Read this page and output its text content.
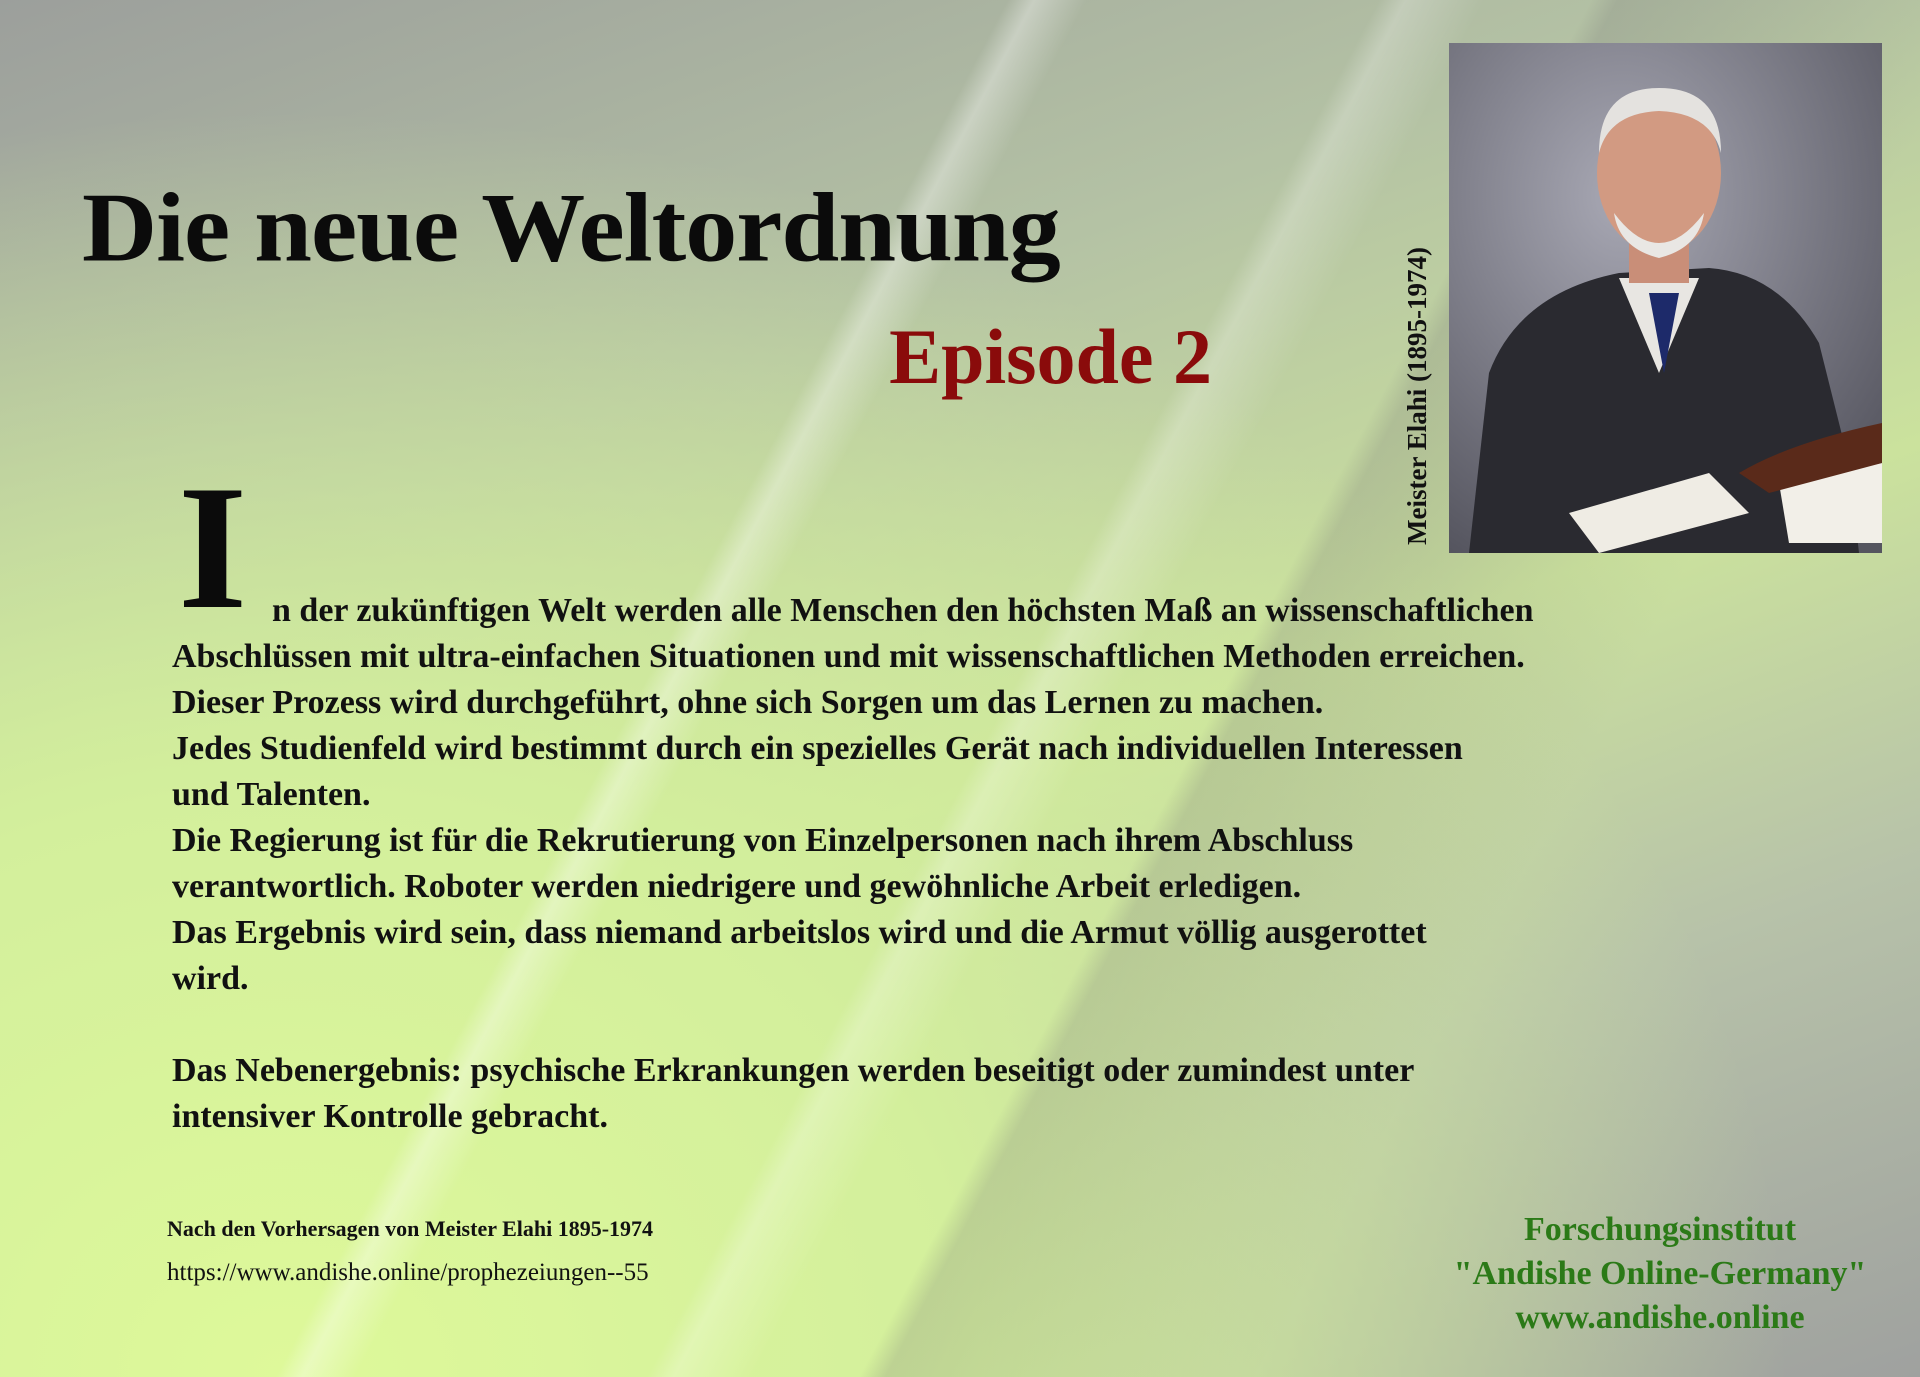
Die neue Weltordnung
Episode 2	Meister Elahi (1895-1974)
I n der zukünftigen Welt werden alle Menschen den höchsten Maß an wissenschaftlichen

Abschlüssen mit ultra-einfachen Situationen und mit wissenschaftlichen Methoden erreichen.

Dieser Prozess wird durchgeführt, ohne sich Sorgen um das Lernen zu machen.

Jedes Studienfeld wird bestimmt durch ein spezielles Gerät nach individuellen Interessen

und Talenten.

Die Regierung ist für die Rekrutierung von Einzelpersonen nach ihrem Abschluss

verantwortlich. Roboter werden niedrigere und gewöhnliche Arbeit erledigen.

Das Ergebnis wird sein, dass niemand arbeitslos wird und die Armut völlig ausgerottet

wird.

Das Nebenergebnis: psychische Erkrankungen werden beseitigt oder zumindest unter

intensiver Kontrolle gebracht.

Nach den Vorhersagen von Meister Elahi 1895-1974
https://www.andishe.online/prophezeiungen--55
Forschungsinstitut
"Andishe Online-Germany"
www.andishe.online
